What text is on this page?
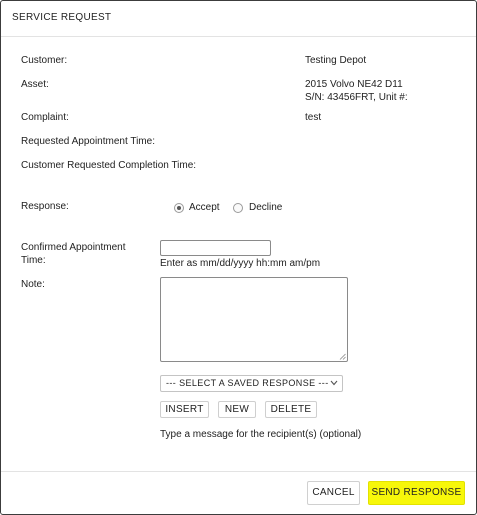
SERVICE REQUEST
Customer:	Testing Depot
Asset:	2015 Volvo NE42 D11
S/N: 43456FRT, Unit #:
Complaint:	test
Requested Appointment Time:
Customer Requested Completion Time:
Response:	Accept	Decline
Confirmed Appointment
Time:	Enter as mm/dd/yyyy hh:mm am/pm
Note:
--- SELECT A SAVED RESPONSE ---
INSERT	NEW	DELETE
Type a message for the recipient(s) (optional)
CANCEL	SEND RESPONSE
